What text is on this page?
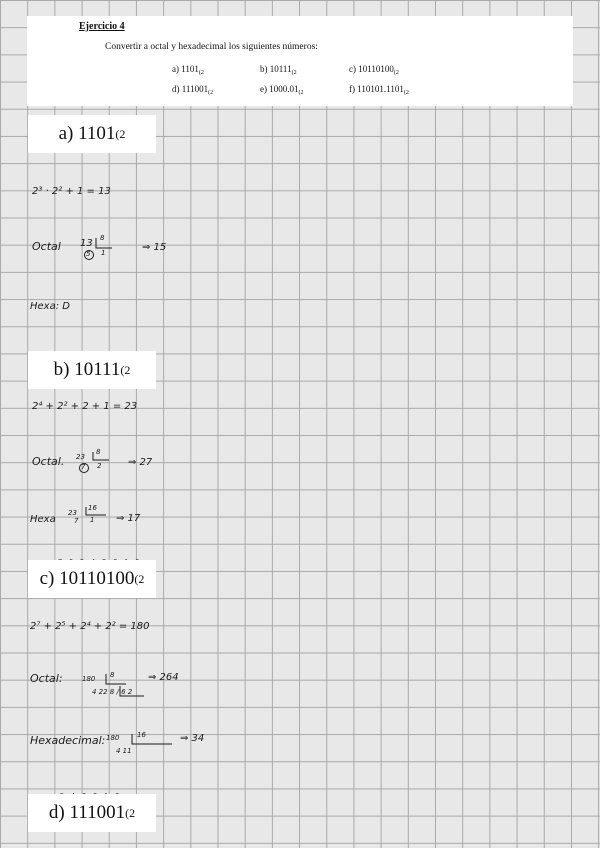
Ejercicio 4
Convertir a octal y hexadecimal los siguientes números:
a) $1101_{(2}$	b) $10111_{(2}$	c) $10110100_{(2}$
d) $111001_{(2}$	e) $1000.01_{(2}$	f) $110101.1101_{(2}$
a) 1101 (2
2³ · 2² + 1 = 13
Octal 13 8
5 1	⇒ 15
Hexa: D
b) 10111 (2
2⁴ + 2² + 2 + 1 = 23
Octal. 23
8
7 2	⇒ 27
Hexa
23
16
7 1 ⇒ 17
c) 10110100 (2
2⁷ + 2⁵ + 2⁴ + 2² = 180
Octal:	180 8
4 22 8 / 6 2
⇒ 264
Hexadecimal: 180	16
4 11
⇒ 34
d) 111001 (2
